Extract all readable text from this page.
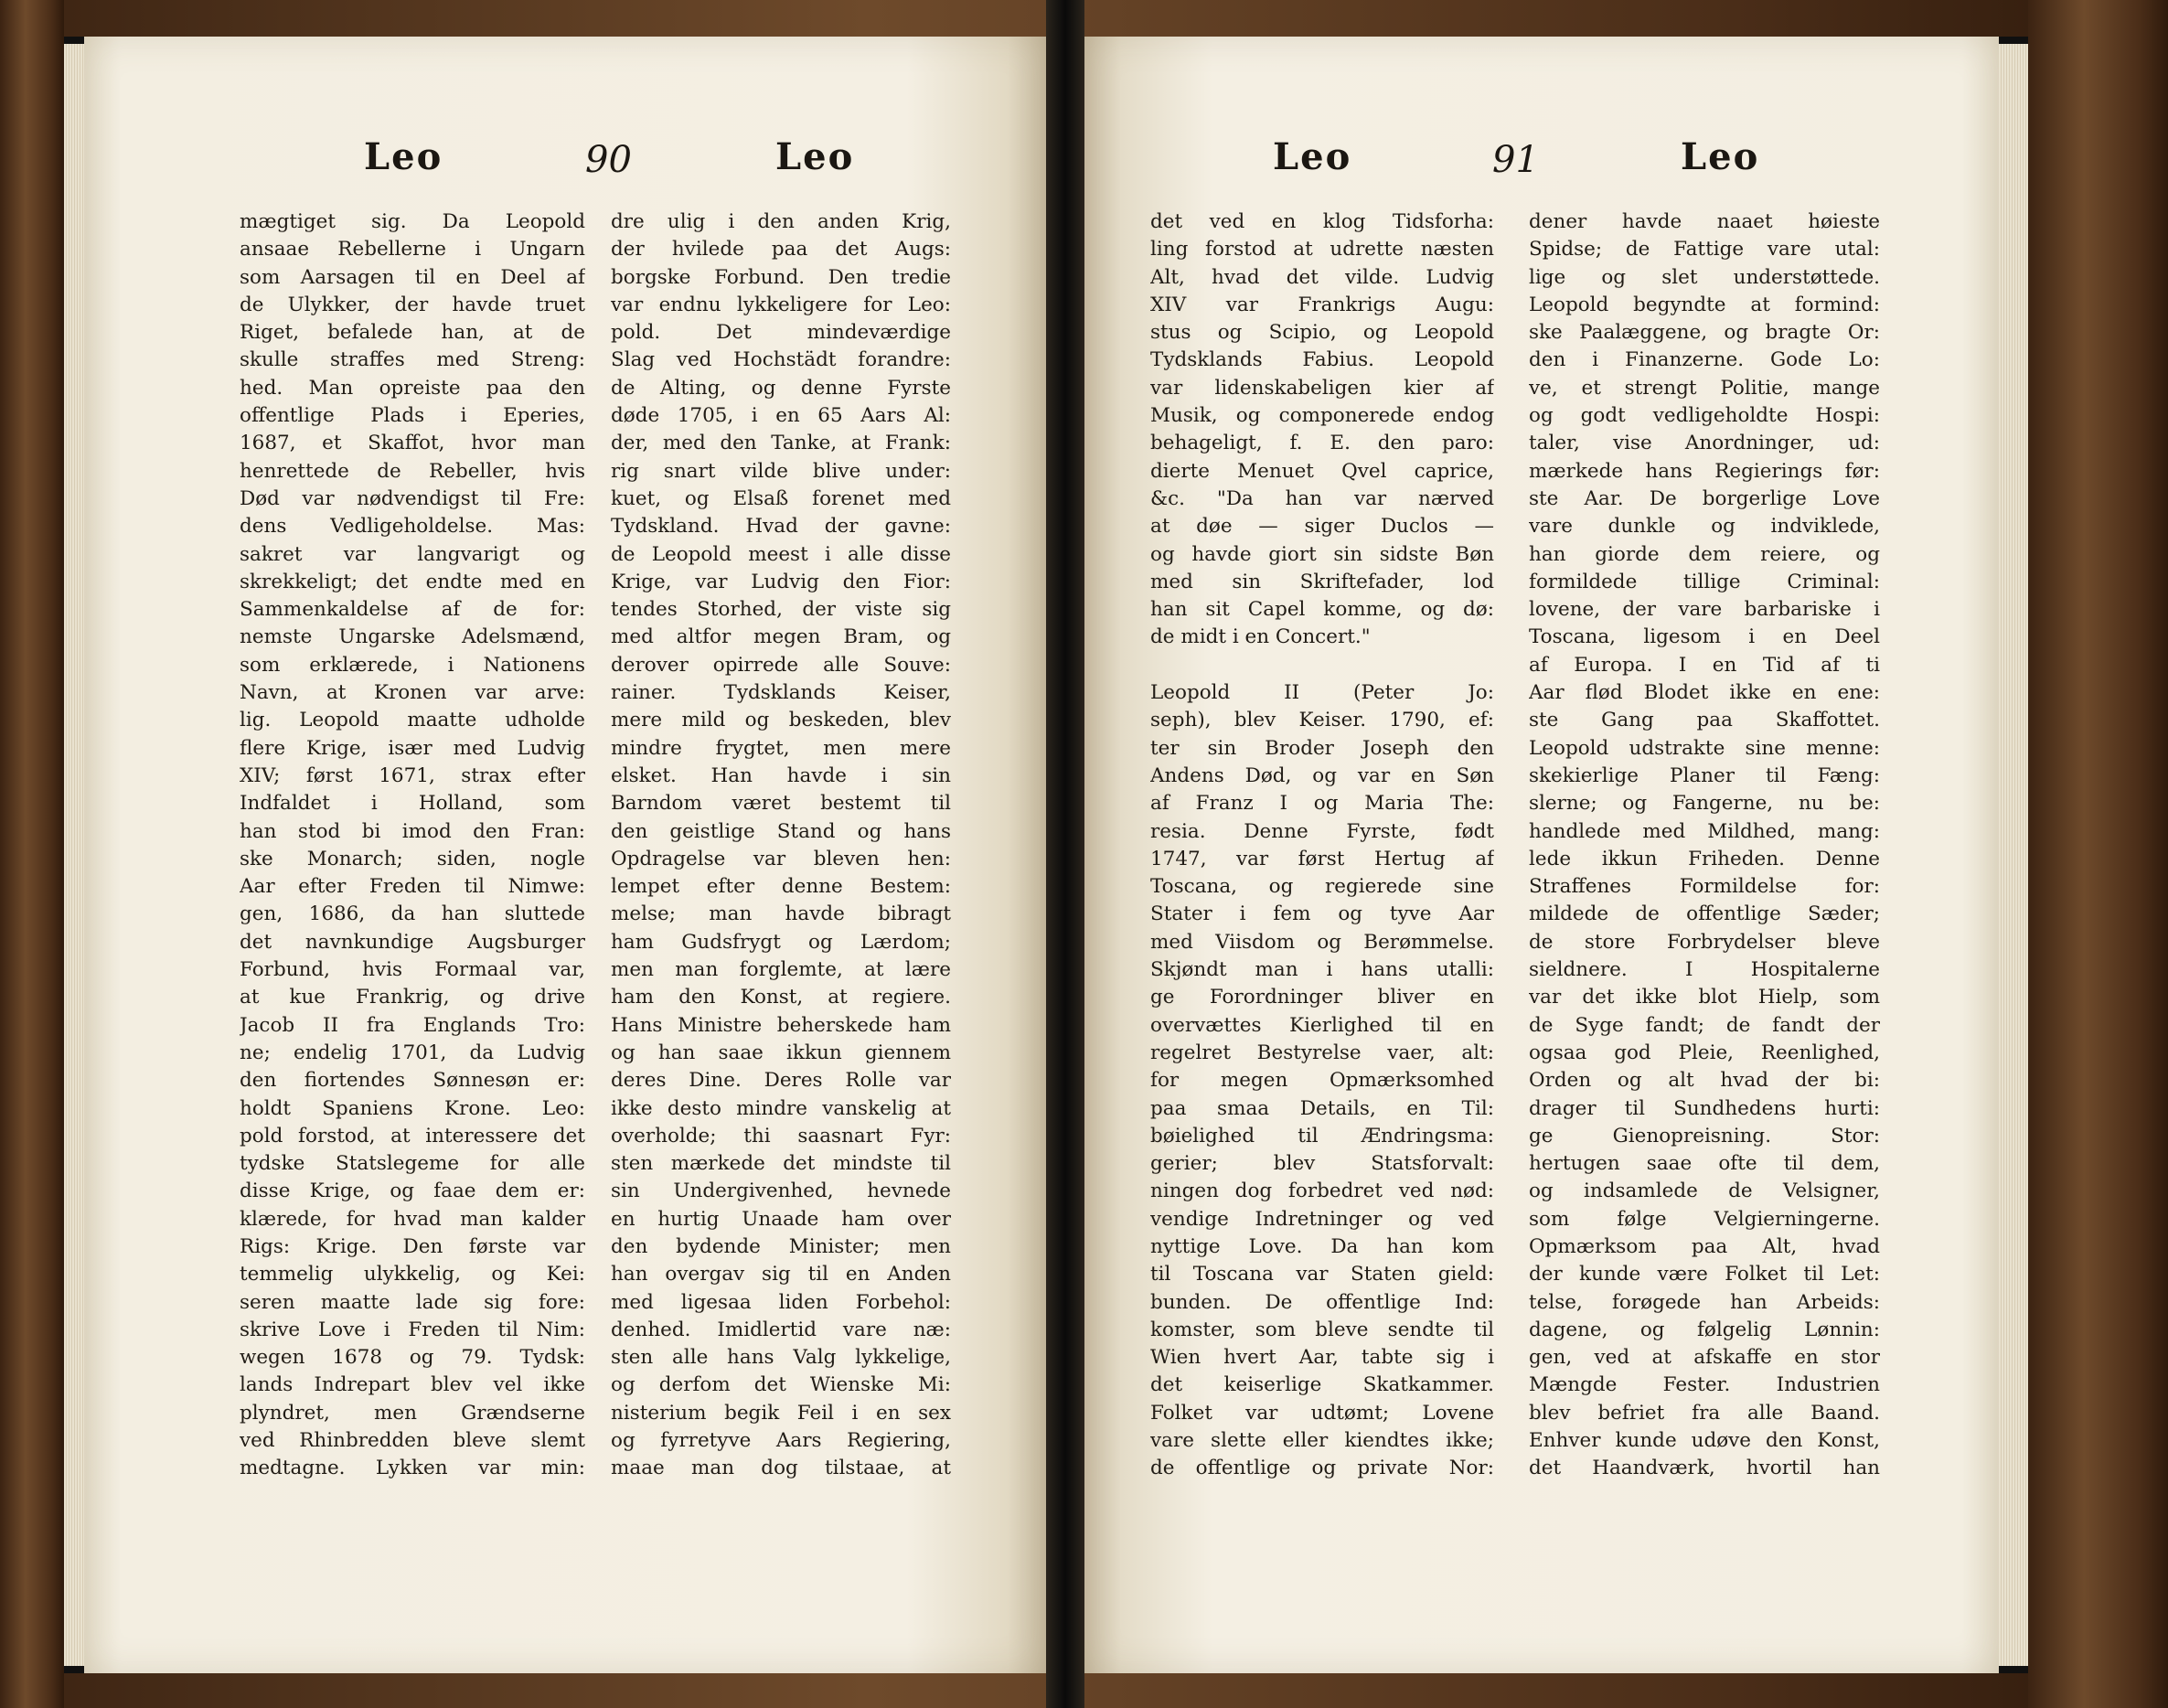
Leo	90	Leo
mægtiget sig. Da Leopold
ansaae Rebellerne i Ungarn
som Aarsagen til en Deel af
de Ulykker, der havde truet
Riget, befalede han, at de
skulle straffes med Streng:
hed. Man opreiste paa den
offentlige Plads i Eperies,
1687, et Skaffot, hvor man
henrettede de Rebeller, hvis
Død var nødvendigst til Fre:
dens Vedligeholdelse. Mas:
sakret var langvarigt og
skrekkeligt; det endte med en
Sammenkaldelse af de for:
nemste Ungarske Adelsmænd,
som erklærede, i Nationens
Navn, at Kronen var arve:
lig. Leopold maatte udholde
flere Krige, især med Ludvig
XIV; først 1671, strax efter
Indfaldet i Holland, som
han stod bi imod den Fran:
ske Monarch; siden, nogle
Aar efter Freden til Nimwe:
gen, 1686, da han sluttede
det navnkundige Augsburger
Forbund, hvis Formaal var,
at kue Frankrig, og drive
Jacob II fra Englands Tro:
ne; endelig 1701, da Ludvig
den fiortendes Sønnesøn er:
holdt Spaniens Krone. Leo:
pold forstod, at interessere det
tydske Statslegeme for alle
disse Krige, og faae dem er:
klærede, for hvad man kalder
Rigs: Krige. Den første var
temmelig ulykkelig, og Kei:
seren maatte lade sig fore:
skrive Love i Freden til Nim:
wegen 1678 og 79. Tydsk:
lands Indrepart blev vel ikke
plyndret, men Grændserne
ved Rhinbredden bleve slemt
medtagne. Lykken var min:
dre ulig i den anden Krig,
der hvilede paa det Augs:
borgske Forbund. Den tredie
var endnu lykkeligere for Leo:
pold. Det mindeværdige
Slag ved Hochstädt forandre:
de Alting, og denne Fyrste
døde 1705, i en 65 Aars Al:
der, med den Tanke, at Frank:
rig snart vilde blive under:
kuet, og Elsaß forenet med
Tydskland. Hvad der gavne:
de Leopold meest i alle disse
Krige, var Ludvig den Fior:
tendes Storhed, der viste sig
med altfor megen Bram, og
derover opirrede alle Souve:
rainer. Tydsklands Keiser,
mere mild og beskeden, blev
mindre frygtet, men mere
elsket. Han havde i sin
Barndom været bestemt til
den geistlige Stand og hans
Opdragelse var bleven hen:
lempet efter denne Bestem:
melse; man havde bibragt
ham Gudsfrygt og Lærdom;
men man forglemte, at lære
ham den Konst, at regiere.
Hans Ministre beherskede ham
og han saae ikkun giennem
deres Dine. Deres Rolle var
ikke desto mindre vanskelig at
overholde; thi saasnart Fyr:
sten mærkede det mindste til
sin Undergivenhed, hevnede
en hurtig Unaade ham over
den bydende Minister; men
han overgav sig til en Anden
med ligesaa liden Forbehol:
denhed. Imidlertid vare næ:
sten alle hans Valg lykkelige,
og derfom det Wienske Mi:
nisterium begik Feil i en sex
og fyrretyve Aars Regiering,
maae man dog tilstaae, at
Leo	91	Leo
det ved en klog Tidsforha:
ling forstod at udrette næsten
Alt, hvad det vilde. Ludvig
XIV var Frankrigs Augu:
stus og Scipio, og Leopold
Tydsklands Fabius. Leopold
var lidenskabeligen kier af
Musik, og componerede endog
behageligt, f. E. den paro:
dierte Menuet Qvel caprice,
&c. "Da han var nærved
at døe — siger Duclos —
og havde giort sin sidste Bøn
med sin Skriftefader, lod
han sit Capel komme, og dø:
de midt i en Concert."
Leopold II (Peter Jo:
seph), blev Keiser. 1790, ef:
ter sin Broder Joseph den
Andens Død, og var en Søn
af Franz I og Maria The:
resia. Denne Fyrste, født
1747, var først Hertug af
Toscana, og regierede sine
Stater i fem og tyve Aar
med Viisdom og Berømmelse.
Skjøndt man i hans utalli:
ge Forordninger bliver en
overvættes Kierlighed til en
regelret Bestyrelse vaer, alt:
for megen Opmærksomhed
paa smaa Details, en Til:
bøielighed til Ændringsma:
gerier; blev Statsforvalt:
ningen dog forbedret ved nød:
vendige Indretninger og ved
nyttige Love. Da han kom
til Toscana var Staten gield:
bunden. De offentlige Ind:
komster, som bleve sendte til
Wien hvert Aar, tabte sig i
det keiserlige Skatkammer.
Folket var udtømt; Lovene
vare slette eller kiendtes ikke;
de offentlige og private Nor:
dener havde naaet høieste
Spidse; de Fattige vare utal:
lige og slet understøttede.
Leopold begyndte at formind:
ske Paalæggene, og bragte Or:
den i Finanzerne. Gode Lo:
ve, et strengt Politie, mange
og godt vedligeholdte Hospi:
taler, vise Anordninger, ud:
mærkede hans Regierings før:
ste Aar. De borgerlige Love
vare dunkle og indviklede,
han giorde dem reiere, og
formildede tillige Criminal:
lovene, der vare barbariske i
Toscana, ligesom i en Deel
af Europa. I en Tid af ti
Aar flød Blodet ikke en ene:
ste Gang paa Skaffottet.
Leopold udstrakte sine menne:
skekierlige Planer til Fæng:
slerne; og Fangerne, nu be:
handlede med Mildhed, mang:
lede ikkun Friheden. Denne
Straffenes Formildelse for:
mildede de offentlige Sæder;
de store Forbrydelser bleve
sieldnere. I Hospitalerne
var det ikke blot Hielp, som
de Syge fandt; de fandt der
ogsaa god Pleie, Reenlighed,
Orden og alt hvad der bi:
drager til Sundhedens hurti:
ge Gienopreisning. Stor:
hertugen saae ofte til dem,
og indsamlede de Velsigner,
som følge Velgierningerne.
Opmærksom paa Alt, hvad
der kunde være Folket til Let:
telse, forøgede han Arbeids:
dagene, og følgelig Lønnin:
gen, ved at afskaffe en stor
Mængde Fester. Industrien
blev befriet fra alle Baand.
Enhver kunde udøve den Konst,
det Haandværk, hvortil han
